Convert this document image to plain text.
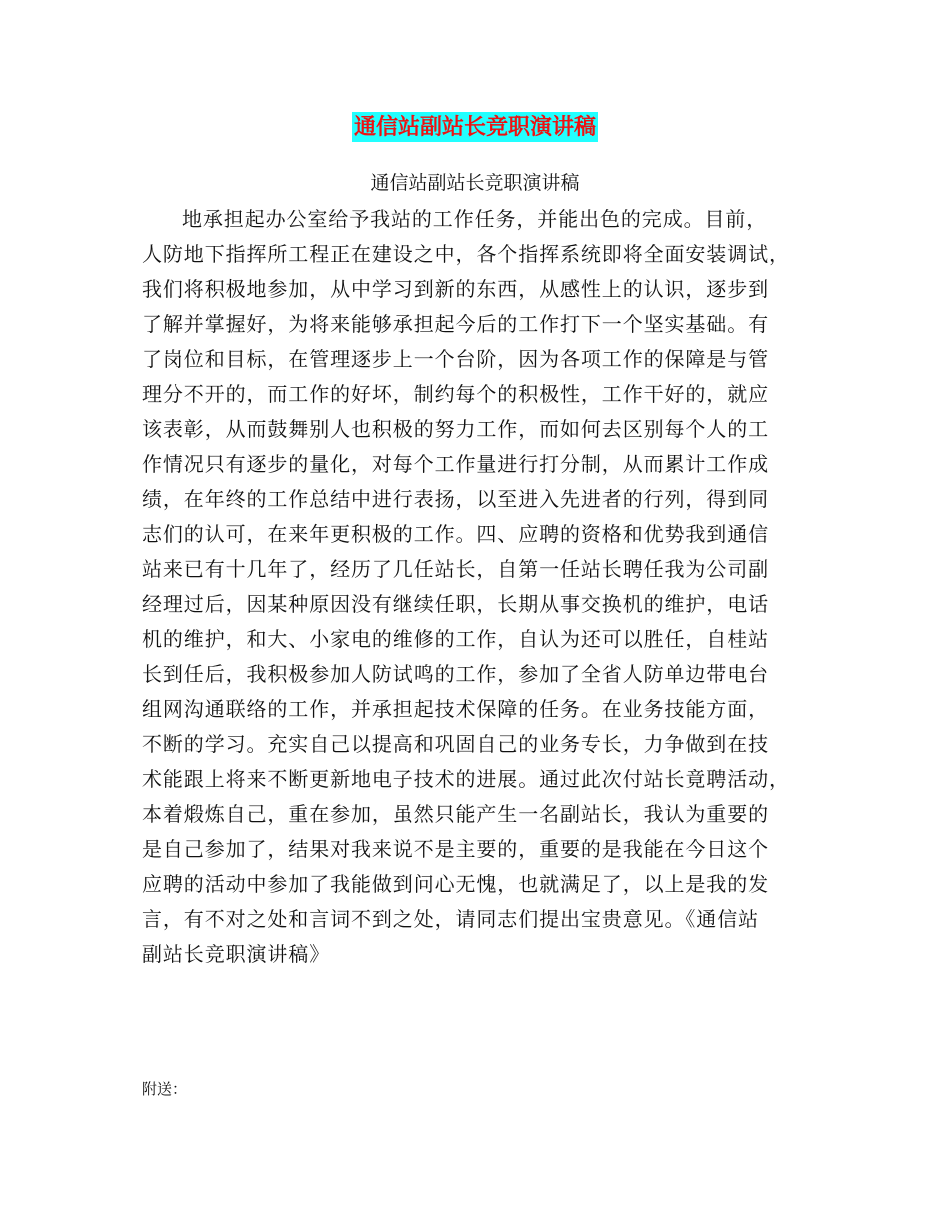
通信站副站长竞职演讲稿
通信站副站长竞职演讲稿
地承担起办公室给予我站的工作任务，并能出色的完成。目前，
人防地下指挥所工程正在建设之中，各个指挥系统即将全面安装调试，
我们将积极地参加，从中学习到新的东西，从感性上的认识，逐步到
了解并掌握好，为将来能够承担起今后的工作打下一个坚实基础。有
了岗位和目标，在管理逐步上一个台阶，因为各项工作的保障是与管
理分不开的，而工作的好坏，制约每个的积极性，工作干好的，就应
该表彰，从而鼓舞别人也积极的努力工作，而如何去区别每个人的工
作情况只有逐步的量化，对每个工作量进行打分制，从而累计工作成
绩，在年终的工作总结中进行表扬，以至进入先进者的行列，得到同
志们的认可，在来年更积极的工作。四、应聘的资格和优势我到通信
站来已有十几年了，经历了几任站长，自第一任站长聘任我为公司副
经理过后，因某种原因没有继续任职，长期从事交换机的维护，电话
机的维护，和大、小家电的维修的工作，自认为还可以胜任，自桂站
长到任后，我积极参加人防试鸣的工作，参加了全省人防单边带电台
组网沟通联络的工作，并承担起技术保障的任务。在业务技能方面，
不断的学习。充实自己以提高和巩固自己的业务专长，力争做到在技
术能跟上将来不断更新地电子技术的进展。通过此次付站长竟聘活动，
本着煅炼自己，重在参加，虽然只能产生一名副站长，我认为重要的
是自己参加了，结果对我来说不是主要的，重要的是我能在今日这个
应聘的活动中参加了我能做到问心无愧，也就满足了，以上是我的发
言，有不对之处和言词不到之处，请同志们提出宝贵意见。《通信站
副站长竞职演讲稿》
附送：
